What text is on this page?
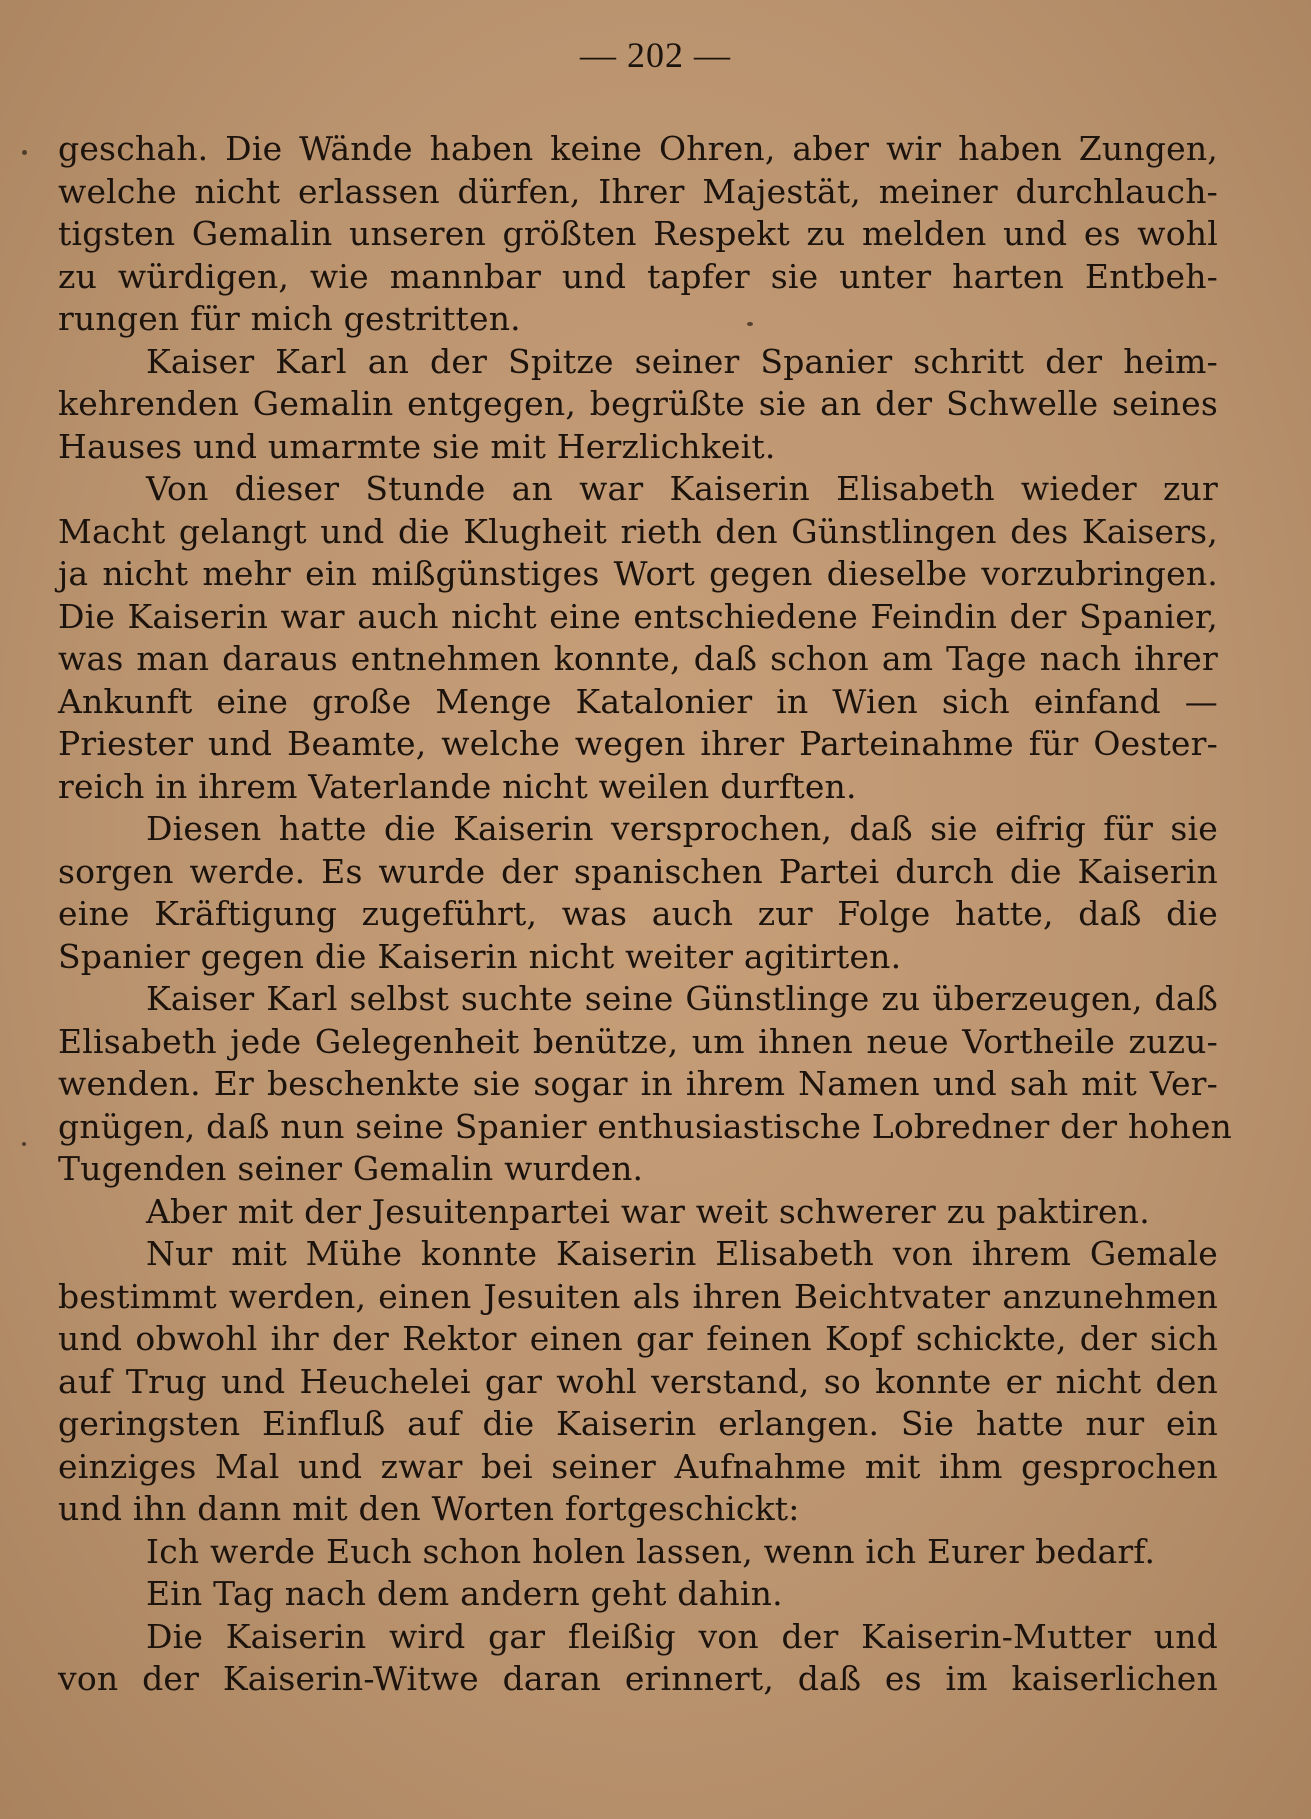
— 202 —
geschah. Die Wände haben keine Ohren, aber wir haben Zungen,
welche nicht erlassen dürfen, Ihrer Majestät, meiner durchlauch-
tigsten Gemalin unseren größten Respekt zu melden und es wohl
zu würdigen, wie mannbar und tapfer sie unter harten Entbeh-
rungen für mich gestritten.
Kaiser Karl an der Spitze seiner Spanier schritt der heim-
kehrenden Gemalin entgegen, begrüßte sie an der Schwelle seines
Hauses und umarmte sie mit Herzlichkeit.
Von dieser Stunde an war Kaiserin Elisabeth wieder zur
Macht gelangt und die Klugheit rieth den Günstlingen des Kaisers,
ja nicht mehr ein mißgünstiges Wort gegen dieselbe vorzubringen.
Die Kaiserin war auch nicht eine entschiedene Feindin der Spanier,
was man daraus entnehmen konnte, daß schon am Tage nach ihrer
Ankunft eine große Menge Katalonier in Wien sich einfand —
Priester und Beamte, welche wegen ihrer Parteinahme für Oester-
reich in ihrem Vaterlande nicht weilen durften.
Diesen hatte die Kaiserin versprochen, daß sie eifrig für sie
sorgen werde. Es wurde der spanischen Partei durch die Kaiserin
eine Kräftigung zugeführt, was auch zur Folge hatte, daß die
Spanier gegen die Kaiserin nicht weiter agitirten.
Kaiser Karl selbst suchte seine Günstlinge zu überzeugen, daß
Elisabeth jede Gelegenheit benütze, um ihnen neue Vortheile zuzu-
wenden. Er beschenkte sie sogar in ihrem Namen und sah mit Ver-
gnügen, daß nun seine Spanier enthusiastische Lobredner der hohen
Tugenden seiner Gemalin wurden.
Aber mit der Jesuitenpartei war weit schwerer zu paktiren.
Nur mit Mühe konnte Kaiserin Elisabeth von ihrem Gemale
bestimmt werden, einen Jesuiten als ihren Beichtvater anzunehmen
und obwohl ihr der Rektor einen gar feinen Kopf schickte, der sich
auf Trug und Heuchelei gar wohl verstand, so konnte er nicht den
geringsten Einfluß auf die Kaiserin erlangen. Sie hatte nur ein
einziges Mal und zwar bei seiner Aufnahme mit ihm gesprochen
und ihn dann mit den Worten fortgeschickt:
Ich werde Euch schon holen lassen, wenn ich Eurer bedarf.
Ein Tag nach dem andern geht dahin.
Die Kaiserin wird gar fleißig von der Kaiserin-Mutter und
von der Kaiserin-Witwe daran erinnert, daß es im kaiserlichen
